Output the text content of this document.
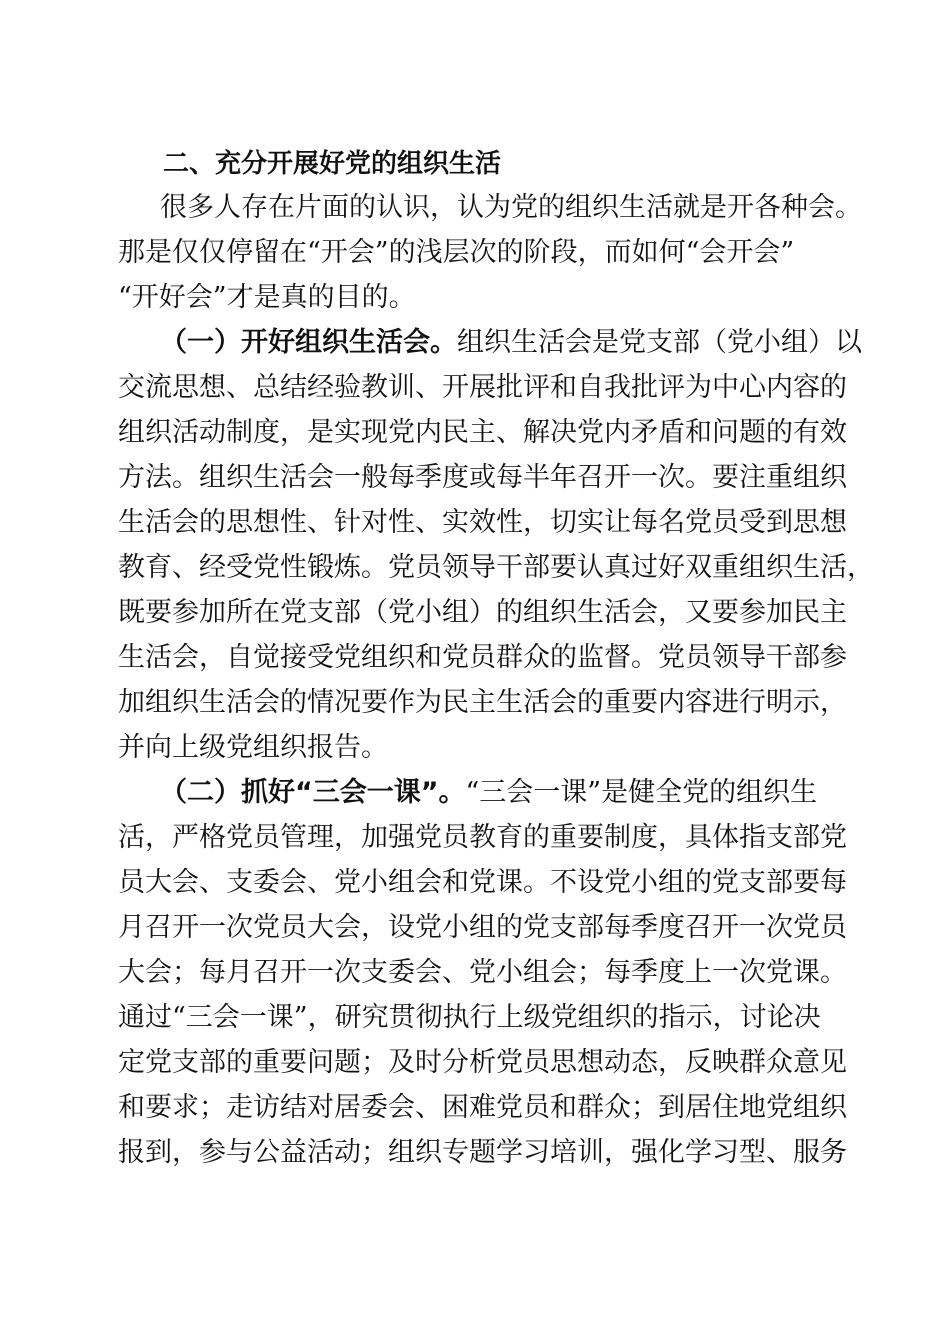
二、充分开展好党的组织生活

很多人存在片面的认识，认为党的组织生活就是开各种会。

那是仅仅停留在“开会”的浅层次的阶段，而如何“会开会”

“开好会”才是真的目的。

（一）开好组织生活会。组织生活会是党支部（党小组）以

交流思想、总结经验教训、开展批评和自我批评为中心内容的

组织活动制度，是实现党内民主、解决党内矛盾和问题的有效

方法。组织生活会一般每季度或每半年召开一次。要注重组织

生活会的思想性、针对性、实效性，切实让每名党员受到思想

教育、经受党性锻炼。党员领导干部要认真过好双重组织生活，

既要参加所在党支部（党小组）的组织生活会，又要参加民主

生活会，自觉接受党组织和党员群众的监督。党员领导干部参

加组织生活会的情况要作为民主生活会的重要内容进行明示，

并向上级党组织报告。

（二）抓好“三会一课”。“三会一课”是健全党的组织生

活，严格党员管理，加强党员教育的重要制度，具体指支部党

员大会、支委会、党小组会和党课。不设党小组的党支部要每

月召开一次党员大会，设党小组的党支部每季度召开一次党员

大会；每月召开一次支委会、党小组会；每季度上一次党课。

通过“三会一课”，研究贯彻执行上级党组织的指示，讨论决

定党支部的重要问题；及时分析党员思想动态，反映群众意见

和要求；走访结对居委会、困难党员和群众；到居住地党组织

报到，参与公益活动；组织专题学习培训，强化学习型、服务
